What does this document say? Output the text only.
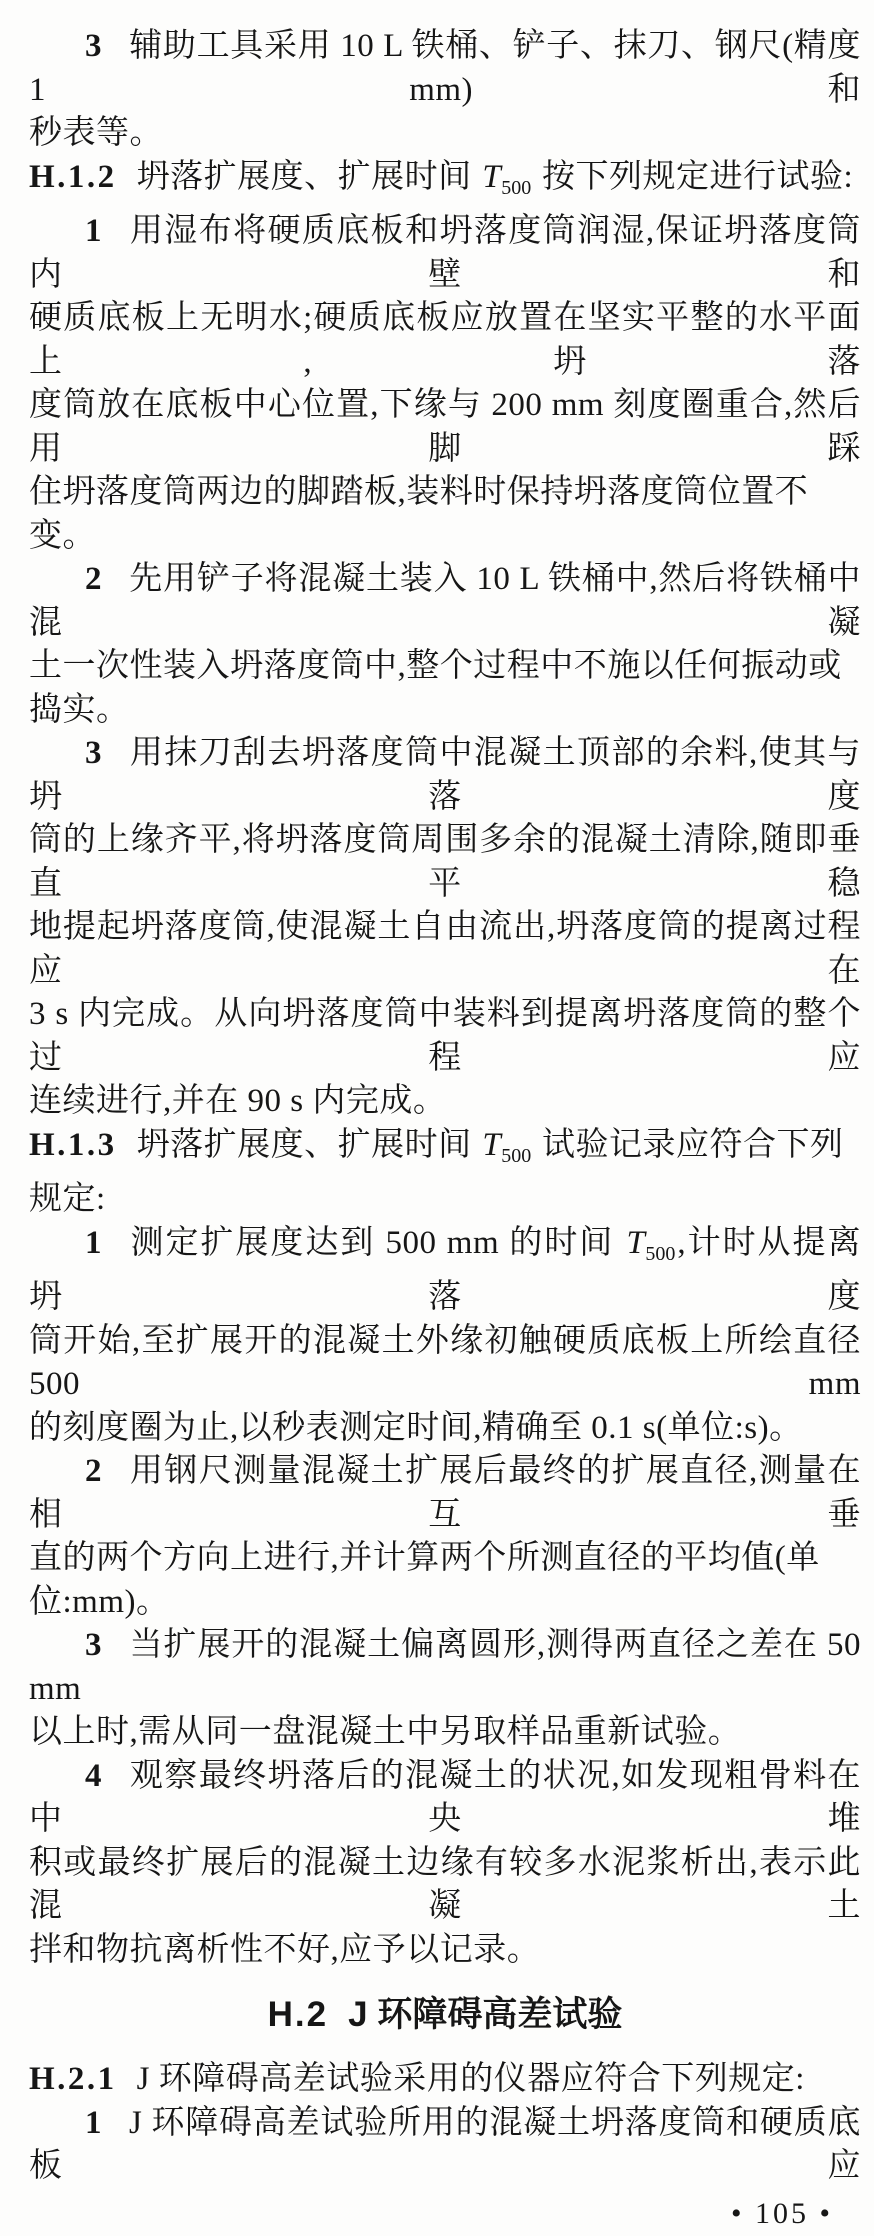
3 辅助工具采用 10 L 铁桶、铲子、抹刀、钢尺(精度 1 mm)和
秒表等。
H.1.2 坍落扩展度、扩展时间 $T_{500}$ 按下列规定进行试验:
1 用湿布将硬质底板和坍落度筒润湿,保证坍落度筒内壁和
硬质底板上无明水;硬质底板应放置在坚实平整的水平面上,坍落
度筒放在底板中心位置,下缘与 200 mm 刻度圈重合,然后用脚踩
住坍落度筒两边的脚踏板,装料时保持坍落度筒位置不变。
2 先用铲子将混凝土装入 10 L 铁桶中,然后将铁桶中混凝
土一次性装入坍落度筒中,整个过程中不施以任何振动或捣实。
3 用抹刀刮去坍落度筒中混凝土顶部的余料,使其与坍落度
筒的上缘齐平,将坍落度筒周围多余的混凝土清除,随即垂直平稳
地提起坍落度筒,使混凝土自由流出,坍落度筒的提离过程应在
3 s 内完成。从向坍落度筒中装料到提离坍落度筒的整个过程应
连续进行,并在 90 s 内完成。
H.1.3 坍落扩展度、扩展时间 $T_{500}$ 试验记录应符合下列规定:
1 测定扩展度达到 500 mm 的时间 $T_{500}$,计时从提离坍落度
筒开始,至扩展开的混凝土外缘初触硬质底板上所绘直径 500 mm
的刻度圈为止,以秒表测定时间,精确至 0.1 s(单位:s)。
2 用钢尺测量混凝土扩展后最终的扩展直径,测量在相互垂
直的两个方向上进行,并计算两个所测直径的平均值(单位:mm)。
3 当扩展开的混凝土偏离圆形,测得两直径之差在 50 mm
以上时,需从同一盘混凝土中另取样品重新试验。
4 观察最终坍落后的混凝土的状况,如发现粗骨料在中央堆
积或最终扩展后的混凝土边缘有较多水泥浆析出,表示此混凝土
拌和物抗离析性不好,应予以记录。
H.2 J 环障碍高差试验
H.2.1 J 环障碍高差试验采用的仪器应符合下列规定:
1 J 环障碍高差试验所用的混凝土坍落度筒和硬质底板应
• 105 •
